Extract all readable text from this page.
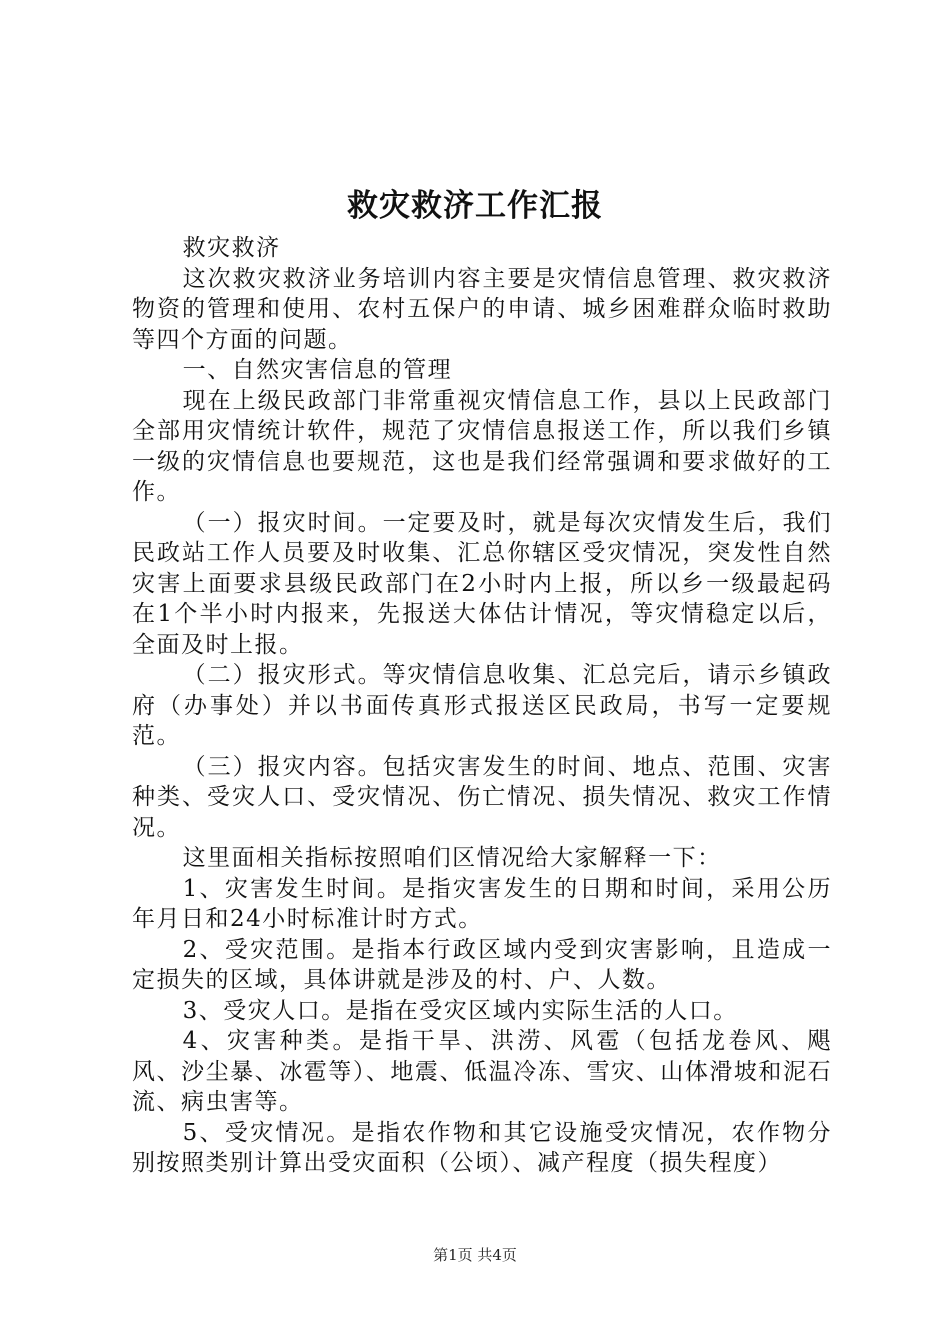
救灾救济工作汇报

救灾救济

这次救灾救济业务培训内容主要是灾情信息管理、救灾救济物资的管理和使用、农村五保户的申请、城乡困难群众临时救助等四个方面的问题。

一、自然灾害信息的管理

现在上级民政部门非常重视灾情信息工作，县以上民政部门全部用灾情统计软件，规范了灾情信息报送工作，所以我们乡镇一级的灾情信息也要规范，这也是我们经常强调和要求做好的工作。

（一）报灾时间。一定要及时，就是每次灾情发生后，我们民政站工作人员要及时收集、汇总你辖区受灾情况，突发性自然灾害上面要求县级民政部门在2小时内上报，所以乡一级最起码在1个半小时内报来，先报送大体估计情况，等灾情稳定以后，全面及时上报。

（二）报灾形式。等灾情信息收集、汇总完后，请示乡镇政府（办事处）并以书面传真形式报送区民政局，书写一定要规范。

（三）报灾内容。包括灾害发生的时间、地点、范围、灾害种类、受灾人口、受灾情况、伤亡情况、损失情况、救灾工作情况。

这里面相关指标按照咱们区情况给大家解释一下：

1、灾害发生时间。是指灾害发生的日期和时间，采用公历年月日和24小时标准计时方式。

2、受灾范围。是指本行政区域内受到灾害影响，且造成一定损失的区域，具体讲就是涉及的村、户、人数。

3、受灾人口。是指在受灾区域内实际生活的人口。

4、灾害种类。是指干旱、洪涝、风雹（包括龙卷风、飓风、沙尘暴、冰雹等）、地震、低温冷冻、雪灾、山体滑坡和泥石流、病虫害等。

5、受灾情况。是指农作物和其它设施受灾情况，农作物分别按照类别计算出受灾面积（公顷）、减产程度（损失程度）

第1页 共4页
